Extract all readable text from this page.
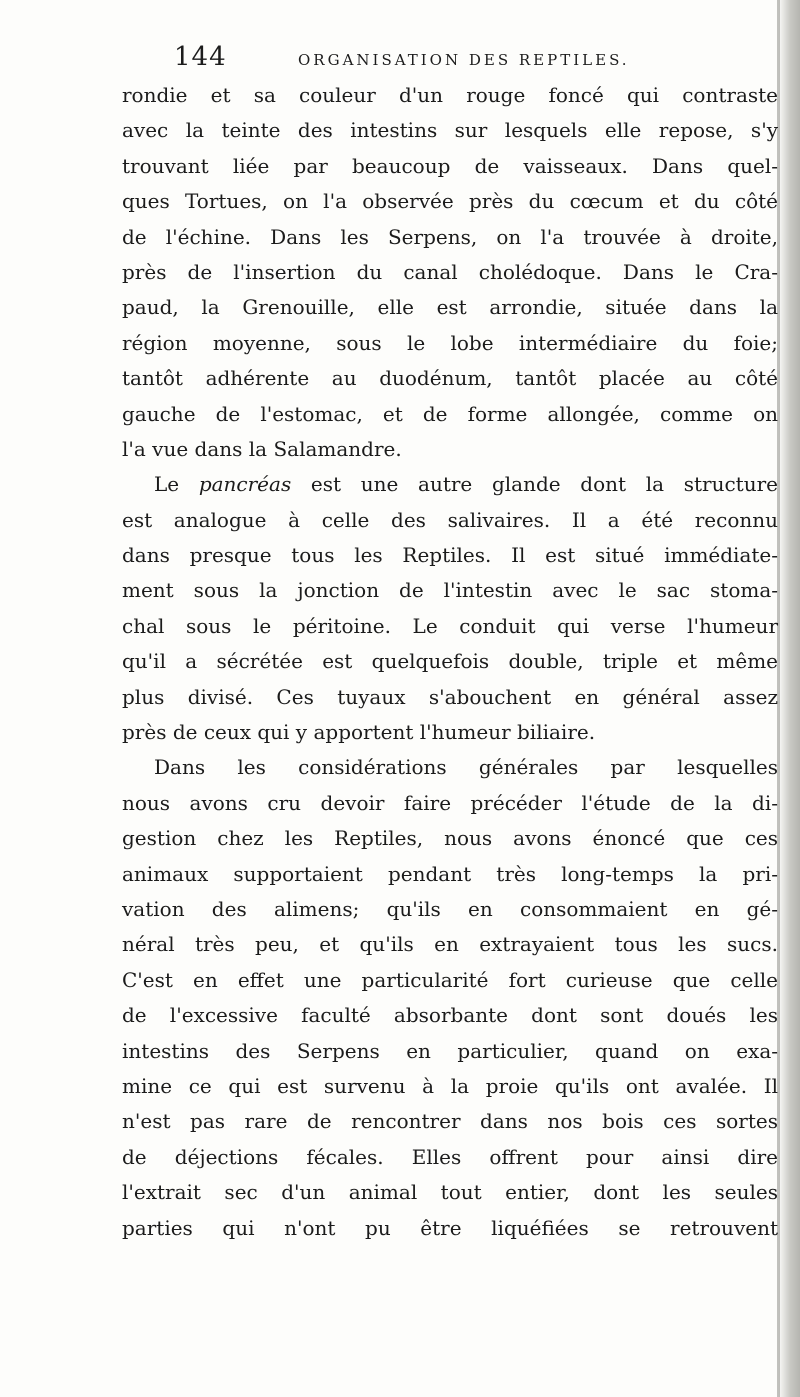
144	ORGANISATION DES REPTILES.
rondie et sa couleur d'un rouge foncé qui contraste
avec la teinte des intestins sur lesquels elle repose, s'y
trouvant liée par beaucoup de vaisseaux. Dans quel-
ques Tortues, on l'a observée près du cœcum et du côté
de l'échine. Dans les Serpens, on l'a trouvée à droite,
près de l'insertion du canal cholédoque. Dans le Cra-
paud, la Grenouille, elle est arrondie, située dans la
région moyenne, sous le lobe intermédiaire du foie;
tantôt adhérente au duodénum, tantôt placée au côté
gauche de l'estomac, et de forme allongée, comme on
l'a vue dans la Salamandre.
Le pancréas est une autre glande dont la structure
est analogue à celle des salivaires. Il a été reconnu
dans presque tous les Reptiles. Il est situé immédiate-
ment sous la jonction de l'intestin avec le sac stoma-
chal sous le péritoine. Le conduit qui verse l'humeur
qu'il a sécrétée est quelquefois double, triple et même
plus divisé. Ces tuyaux s'abouchent en général assez
près de ceux qui y apportent l'humeur biliaire.
Dans les considérations générales par lesquelles
nous avons cru devoir faire précéder l'étude de la di-
gestion chez les Reptiles, nous avons énoncé que ces
animaux supportaient pendant très long-temps la pri-
vation des alimens; qu'ils en consommaient en gé-
néral très peu, et qu'ils en extrayaient tous les sucs.
C'est en effet une particularité fort curieuse que celle
de l'excessive faculté absorbante dont sont doués les
intestins des Serpens en particulier, quand on exa-
mine ce qui est survenu à la proie qu'ils ont avalée. Il
n'est pas rare de rencontrer dans nos bois ces sortes
de déjections fécales. Elles offrent pour ainsi dire
l'extrait sec d'un animal tout entier, dont les seules
parties qui n'ont pu être liquéfiées se retrouvent
